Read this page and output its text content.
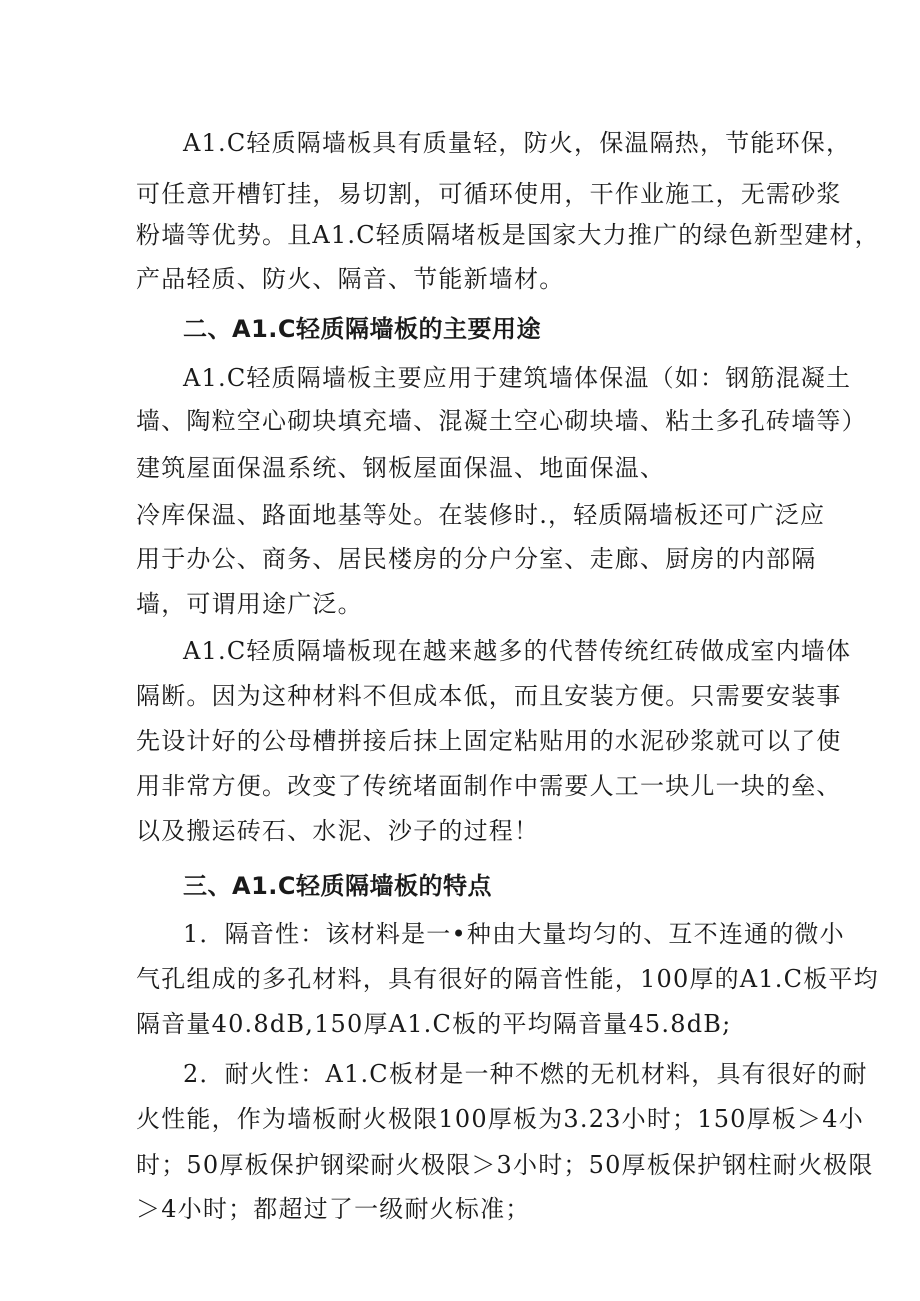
A1.C轻质隔墙板具有质量轻，防火，保温隔热，节能环保，
可任意开槽钉挂，易切割，可循环使用，干作业施工，无需砂浆
粉墙等优势。且A1.C轻质隔堵板是国家大力推广的绿色新型建材，
产品轻质、防火、隔音、节能新墙材。
二、A1.C轻质隔墙板的主要用途
A1.C轻质隔墙板主要应用于建筑墙体保温（如：钢筋混凝土
墙、陶粒空心砌块填充墙、混凝土空心砌块墙、粘土多孔砖墙等）
建筑屋面保温系统、钢板屋面保温、地面保温、
冷库保温、路面地基等处。在装修时.，轻质隔墙板还可广泛应
用于办公、商务、居民楼房的分户分室、走廊、厨房的内部隔
墙，可谓用途广泛。
A1.C轻质隔墙板现在越来越多的代替传统红砖做成室内墙体
隔断。因为这种材料不但成本低，而且安装方便。只需要安装事
先设计好的公母槽拼接后抹上固定粘贴用的水泥砂浆就可以了使
用非常方便。改变了传统堵面制作中需要人工一块儿一块的垒、
以及搬运砖石、水泥、沙子的过程！
三、A1.C轻质隔墙板的特点
1．隔音性：该材料是一•种由大量均匀的、互不连通的微小
气孔组成的多孔材料，具有很好的隔音性能，100厚的A1.C板平均
隔音量40.8dB,150厚A1.C板的平均隔音量45.8dB;
2．耐火性：A1.C板材是一种不燃的无机材料，具有很好的耐
火性能，作为墙板耐火极限100厚板为3.23小时；150厚板＞4小
时；50厚板保护钢梁耐火极限＞3小时；50厚板保护钢柱耐火极限
＞4小时；都超过了一级耐火标准；
